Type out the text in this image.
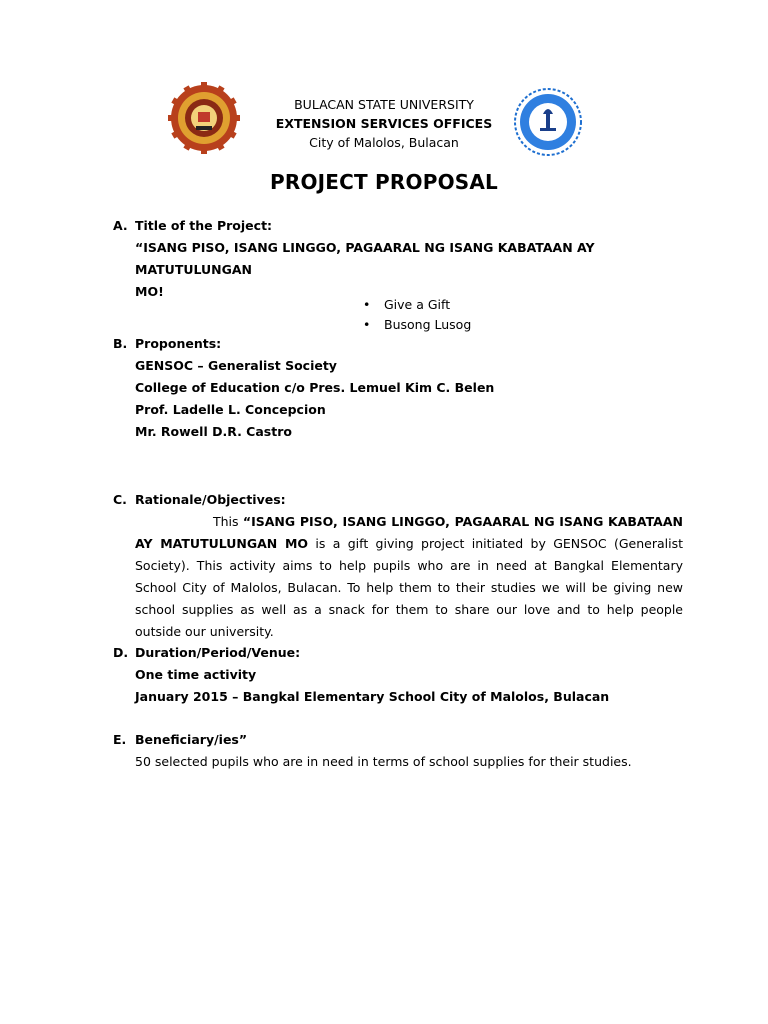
BULACAN STATE UNIVERSITY
EXTENSION SERVICES OFFICES
City of Malolos, Bulacan
PROJECT PROPOSAL
A. Title of the Project:
“ISANG PISO, ISANG LINGGO, PAGAARAL NG ISANG KABATAAN AY MATUTULUNGAN
MO!
• Give a Gift
• Busong Lusog
B. Proponents:
GENSOC – Generalist Society
College of Education c/o Pres. Lemuel Kim C. Belen
Prof. Ladelle L. Concepcion
Mr. Rowell D.R. Castro
C. Rationale/Objectives:
This “ISANG PISO, ISANG LINGGO, PAGAARAL NG ISANG KABATAAN AY MATUTULUNGAN MO is a gift giving project initiated by GENSOC (Generalist Society). This activity aims to help pupils who are in need at Bangkal Elementary School City of Malolos, Bulacan. To help them to their studies we will be giving new school supplies as well as a snack for them to share our love and to help people outside our university.
D. Duration/Period/Venue:
One time activity
January 2015 – Bangkal Elementary School City of Malolos, Bulacan
E. Beneficiary/ies”
50 selected pupils who are in need in terms of school supplies for their studies.
